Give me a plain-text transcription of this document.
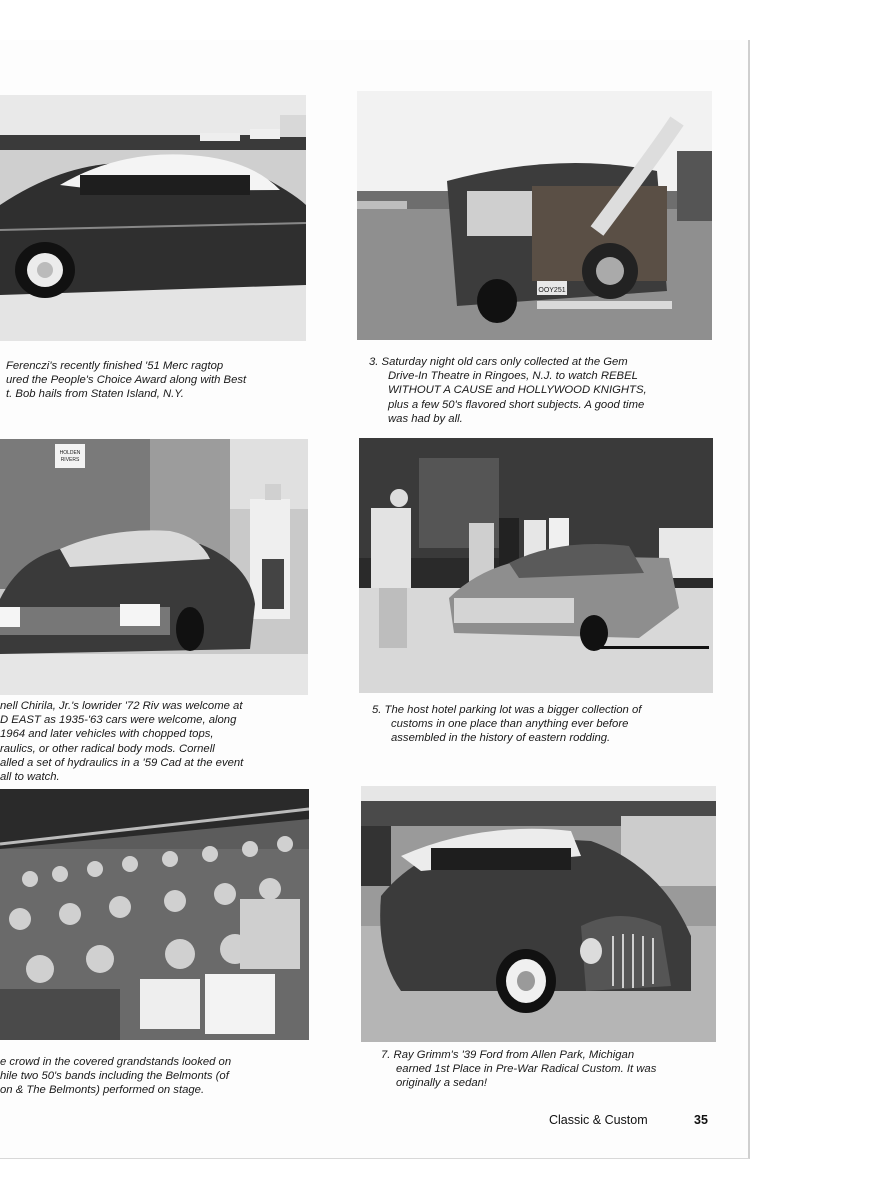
OOY251
Ferenczi's recently finished '51 Merc ragtop
ured the People's Choice Award along with Best
t. Bob hails from Staten Island, N.Y.
3. Saturday night old cars only collected at the Gem
Drive-In Theatre in Ringoes, N.J. to watch REBEL
WITHOUT A CAUSE and HOLLYWOOD KNIGHTS,
plus a few 50's flavored short subjects. A good time
was had by all.
HOLDEN
RIVERS
nell Chirila, Jr.'s lowrider '72 Riv was welcome at
D EAST as 1935-'63 cars were welcome, along
1964 and later vehicles with chopped tops,
raulics, or other radical body mods. Cornell
alled a set of hydraulics in a '59 Cad at the event
all to watch.
5. The host hotel parking lot was a bigger collection of
customs in one place than anything ever before
assembled in the history of eastern rodding.
e crowd in the covered grandstands looked on
hile two 50's bands including the Belmonts (of
on & The Belmonts) performed on stage.
7. Ray Grimm's '39 Ford from Allen Park, Michigan
earned 1st Place in Pre-War Radical Custom. It was
originally a sedan!
Classic & Custom	35
